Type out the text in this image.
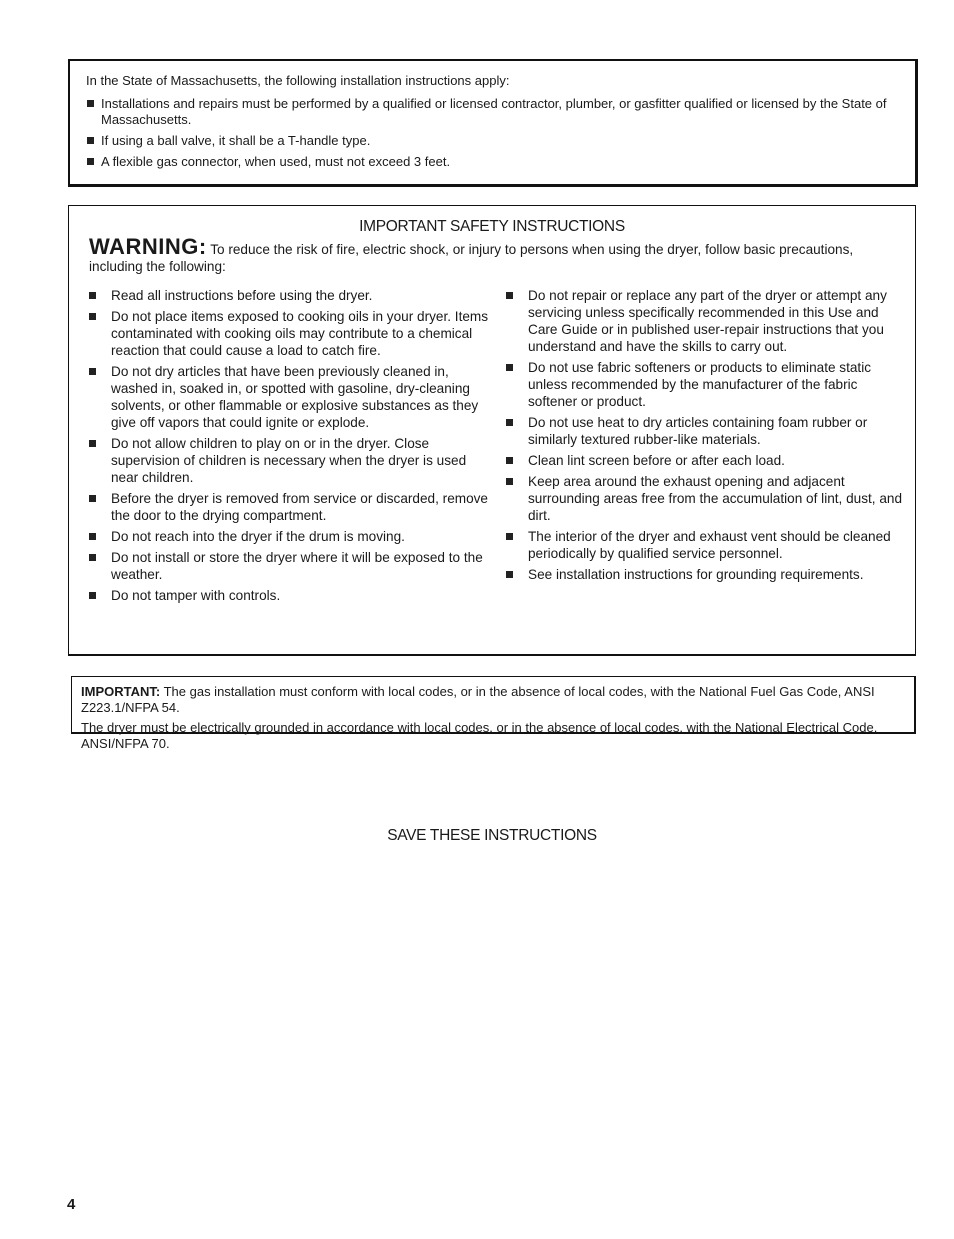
In the State of Massachusetts, the following installation instructions apply:

Installations and repairs must be performed by a qualified or licensed contractor, plumber, or gasfitter qualified or licensed by the State of Massachusetts.
If using a ball valve, it shall be a T-handle type.
A flexible gas connector, when used, must not exceed 3 feet.

IMPORTANT SAFETY INSTRUCTIONS

WARNING: To reduce the risk of fire, electric shock, or injury to persons when using the dryer, follow basic precautions, including the following:

Read all instructions before using the dryer.
Do not place items exposed to cooking oils in your dryer. Items contaminated with cooking oils may contribute to a chemical reaction that could cause a load to catch fire.
Do not dry articles that have been previously cleaned in, washed in, soaked in, or spotted with gasoline, dry-cleaning solvents, or other flammable or explosive substances as they give off vapors that could ignite or explode.
Do not allow children to play on or in the dryer. Close supervision of children is necessary when the dryer is used near children.
Before the dryer is removed from service or discarded, remove the door to the drying compartment.
Do not reach into the dryer if the drum is moving.
Do not install or store the dryer where it will be exposed to the weather.
Do not tamper with controls.
Do not repair or replace any part of the dryer or attempt any servicing unless specifically recommended in this Use and Care Guide or in published user-repair instructions that you understand and have the skills to carry out.
Do not use fabric softeners or products to eliminate static unless recommended by the manufacturer of the fabric softener or product.
Do not use heat to dry articles containing foam rubber or similarly textured rubber-like materials.
Clean lint screen before or after each load.
Keep area around the exhaust opening and adjacent surrounding areas free from the accumulation of lint, dust, and dirt.
The interior of the dryer and exhaust vent should be cleaned periodically by qualified service personnel.
See installation instructions for grounding requirements.

SAVE THESE INSTRUCTIONS

IMPORTANT: The gas installation must conform with local codes, or in the absence of local codes, with the National Fuel Gas Code, ANSI Z223.1/NFPA 54.

The dryer must be electrically grounded in accordance with local codes, or in the absence of local codes, with the National Electrical Code, ANSI/NFPA 70.

4
